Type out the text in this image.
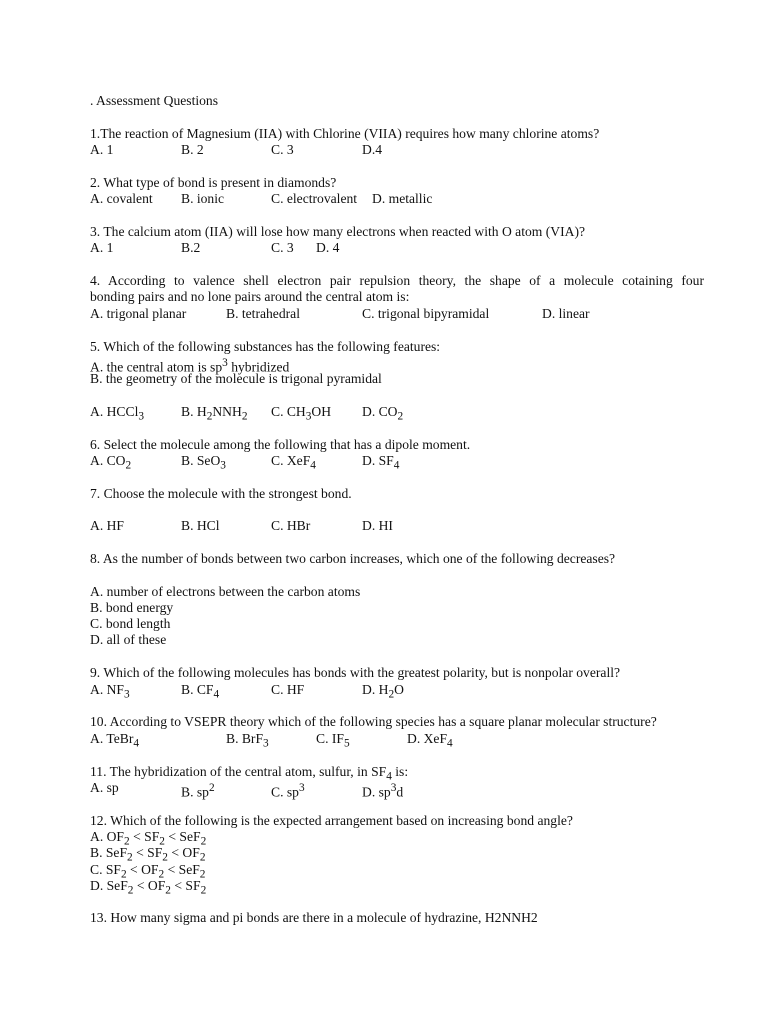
. Assessment Questions
1.The reaction of Magnesium (IIA) with Chlorine (VIIA) requires how many chlorine atoms?
A. 1	B. 2	C. 3	D.4
2. What type of bond is present in diamonds?
A. covalent B. ionic	C. electrovalent D. metallic
3. The calcium atom (IIA) will lose how many electrons when reacted with O atom (VIA)?
A. 1	B.2	C. 3 D. 4
4. According to valence shell electron pair repulsion theory, the shape of a molecule cotaining four
bonding pairs and no lone pairs around the central atom is:
A. trigonal planar	B. tetrahedral	C. trigonal bipyramidal	D. linear
5. Which of the following substances has the following features:
A. the central atom is $sp^3$ hybridized
B. the geometry of the molecule is trigonal pyramidal
A. HCCl$_3$	B. $H_2NNH_2$ C. $CH_3OH$ D. $CO_2$
6. Select the molecule among the following that has a dipole moment.
A. $CO_2$	B. SeO$_3$	C. XeF$_4$	D. $SF_4$
7. Choose the molecule with the strongest bond.
A. HF	B. HCl	C. HBr	D. HI
8. As the number of bonds between two carbon increases, which one of the following decreases?
A. number of electrons between the carbon atoms
B. bond energy
C. bond length
D. all of these
9. Which of the following molecules has bonds with the greatest polarity, but is nonpolar overall?
A. $NF_3$	B. $CF_4$	C. HF	D. $H_2O$
10. According to VSEPR theory which of the following species has a square planar molecular structure?
A. TeBr$_4$	B. BrF$_3$	C. $IF_5$	D. XeF$_4$
11. The hybridization of the central atom, sulfur, in $SF_4$ is:
A. sp	B. $sp^2$	C. $sp^3$	D. $sp^3d$
12. Which of the following is the expected arrangement based on increasing bond angle?
A. $OF_2 < SF_2 < SeF_2$
B. $SeF_2 < SF_2 < OF_2$
C. $SF_2 < OF_2 < SeF_2$
D. $SeF_2 < OF_2 < SF_2$
13. How many sigma and pi bonds are there in a molecule of hydrazine, H2NNH2
